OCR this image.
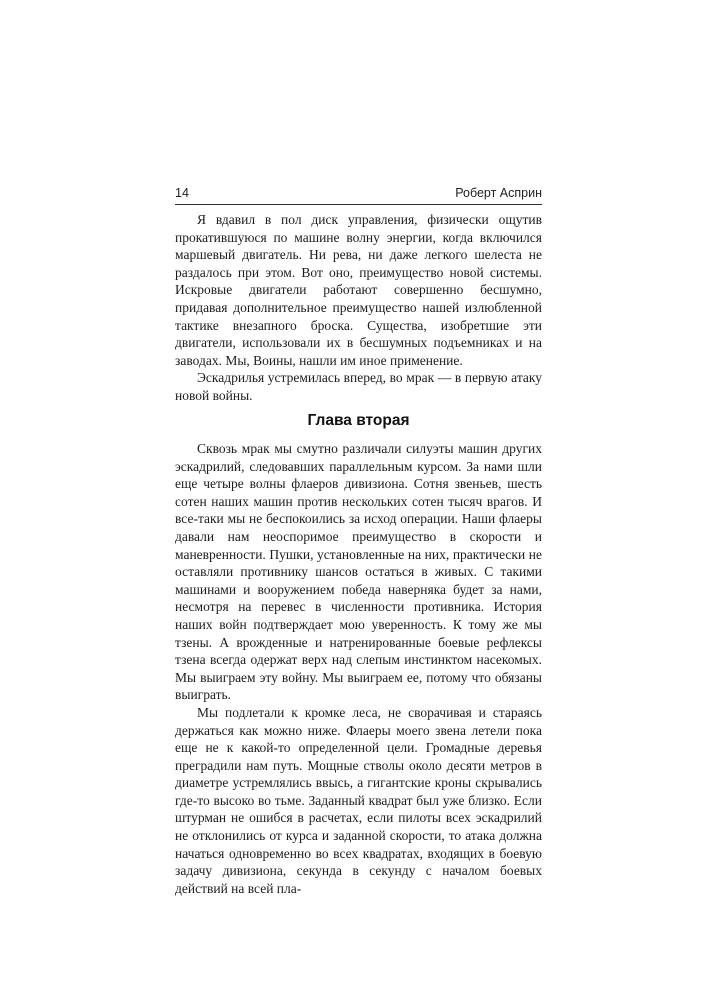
14	Роберт Асприн

Я вдавил в пол диск управления, физически ощутив прокатившуюся по машине волну энергии, когда включился маршевый двигатель. Ни рева, ни даже легкого шелеста не раздалось при этом. Вот оно, преимущество новой системы. Искровые двигатели работают совершенно бесшумно, придавая дополнительное преимущество нашей излюбленной тактике внезапного броска. Существа, изобретшие эти двигатели, использовали их в бесшумных подъемниках и на заводах. Мы, Воины, нашли им иное применение.

Эскадрилья устремилась вперед, во мрак — в первую атаку новой войны.

Глава вторая

Сквозь мрак мы смутно различали силуэты машин других эскадрилий, следовавших параллельным курсом. За нами шли еще четыре волны флаеров дивизиона. Сотня звеньев, шесть сотен наших машин против нескольких сотен тысяч врагов. И все-таки мы не беспокоились за исход операции. Наши флаеры давали нам неоспоримое преимущество в скорости и маневренности. Пушки, установленные на них, практически не оставляли противнику шансов остаться в живых. С такими машинами и вооружением победа наверняка будет за нами, несмотря на перевес в численности противника. История наших войн подтверждает мою уверенность. К тому же мы тзены. А врожденные и натренированные боевые рефлексы тзена всегда одержат верх над слепым инстинктом насекомых. Мы выиграем эту войну. Мы выиграем ее, потому что обязаны выиграть.

Мы подлетали к кромке леса, не сворачивая и стараясь держаться как можно ниже. Флаеры моего звена летели пока еще не к какой-то определенной цели. Громадные деревья преградили нам путь. Мощные стволы около десяти метров в диаметре устремлялись ввысь, а гигантские кроны скрывались где-то высоко во тьме. Заданный квадрат был уже близко. Если штурман не ошибся в расчетах, если пилоты всех эскадрилий не отклонились от курса и заданной скорости, то атака должна начаться одновременно во всех квадратах, входящих в боевую задачу дивизиона, секунда в секунду с началом боевых действий на всей пла-
